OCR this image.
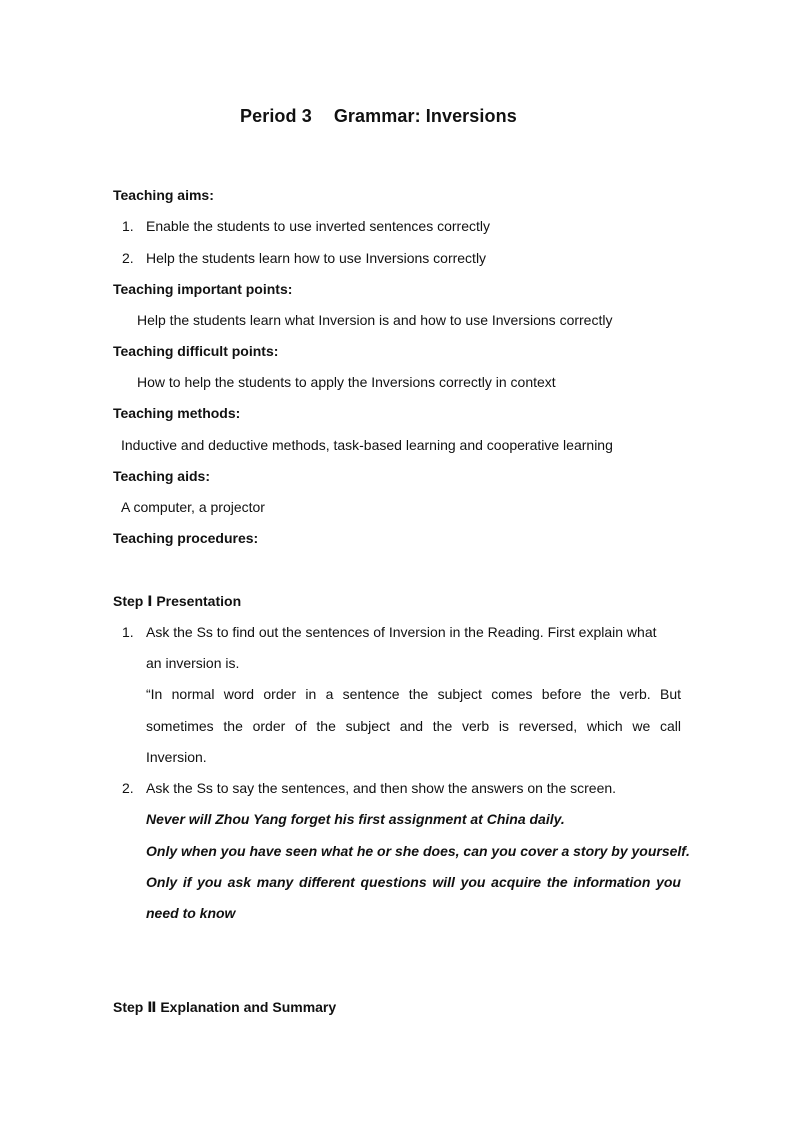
Period 3 Grammar: Inversions
Teaching aims:
1. Enable the students to use inverted sentences correctly
2. Help the students learn how to use Inversions correctly
Teaching important points:
Help the students learn what Inversion is and how to use Inversions correctly
Teaching difficult points:
How to help the students to apply the Inversions correctly in context
Teaching methods:
Inductive and deductive methods, task-based learning and cooperative learning
Teaching aids:
A computer, a projector
Teaching procedures:
Step Ⅰ Presentation
1. Ask the Ss to find out the sentences of Inversion in the Reading. First explain what
an inversion is.
“In normal word order in a sentence the subject comes before the verb. But
sometimes the order of the subject and the verb is reversed, which we call
Inversion.
2. Ask the Ss to say the sentences, and then show the answers on the screen.
Never will Zhou Yang forget his first assignment at China daily.
Only when you have seen what he or she does, can you cover a story by yourself.
Only if you ask many different questions will you acquire the information you
need to know
Step Ⅱ Explanation and Summary
